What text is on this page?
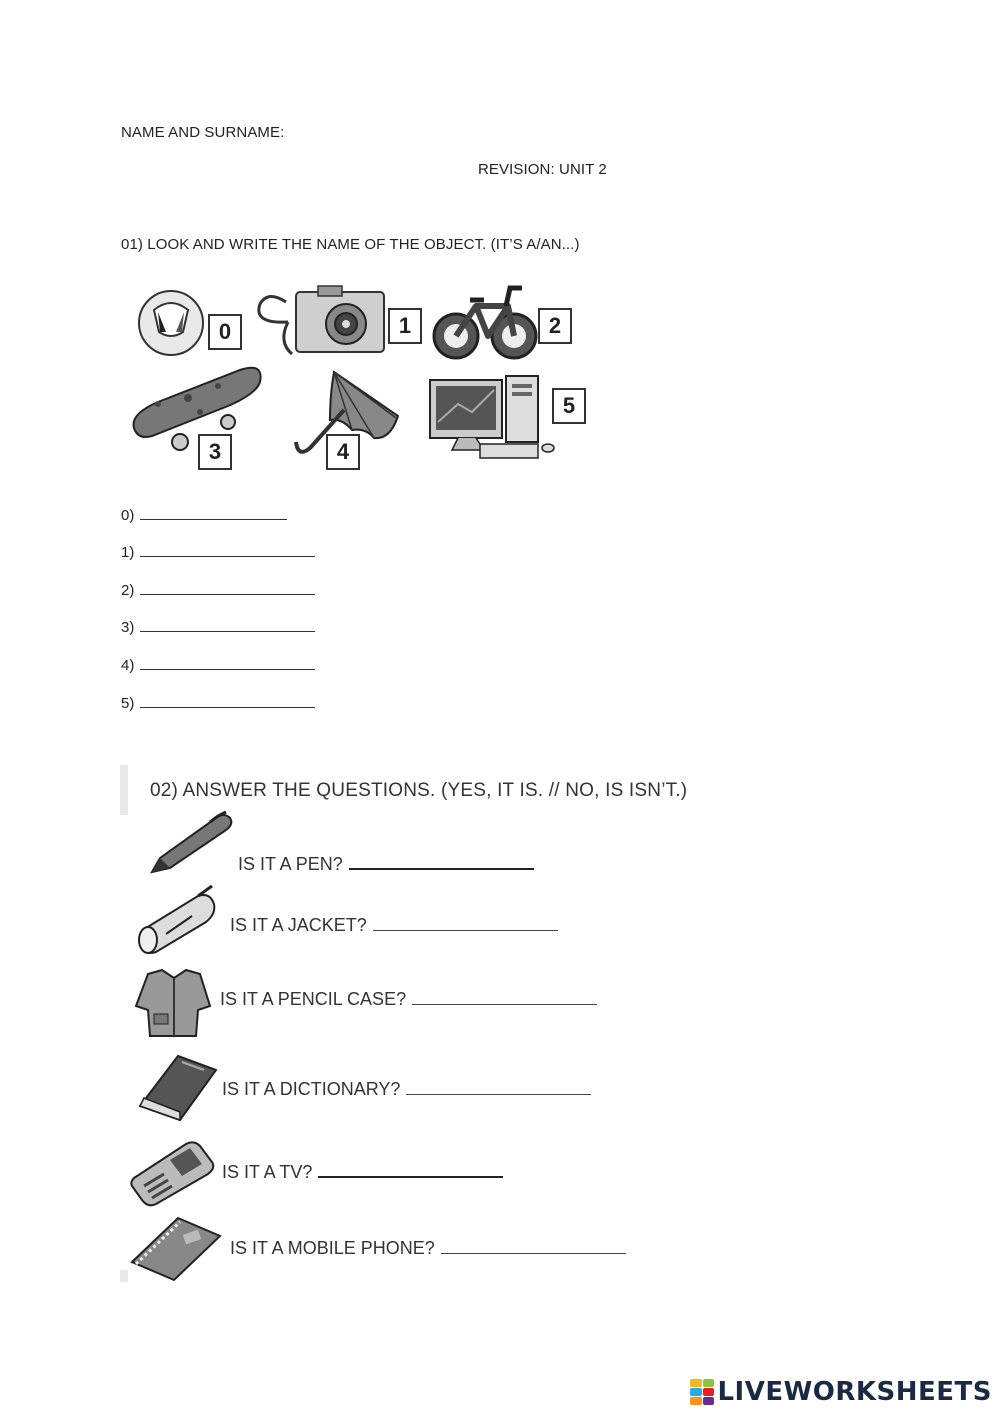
NAME AND SURNAME:
REVISION: UNIT 2
01) LOOK AND WRITE THE NAME OF THE OBJECT. (IT’S A/AN...)
0	1	2
3	4
5
0)
1)
2)
3)
4)
5)
02) ANSWER THE QUESTIONS. (YES, IT IS. // NO, IS ISN’T.)
IS IT A PEN?
IS IT A JACKET?
IS IT A PENCIL CASE?
IS IT A DICTIONARY?
IS IT A TV?
IS IT A MOBILE PHONE?
LIVEWORKSHEETS
